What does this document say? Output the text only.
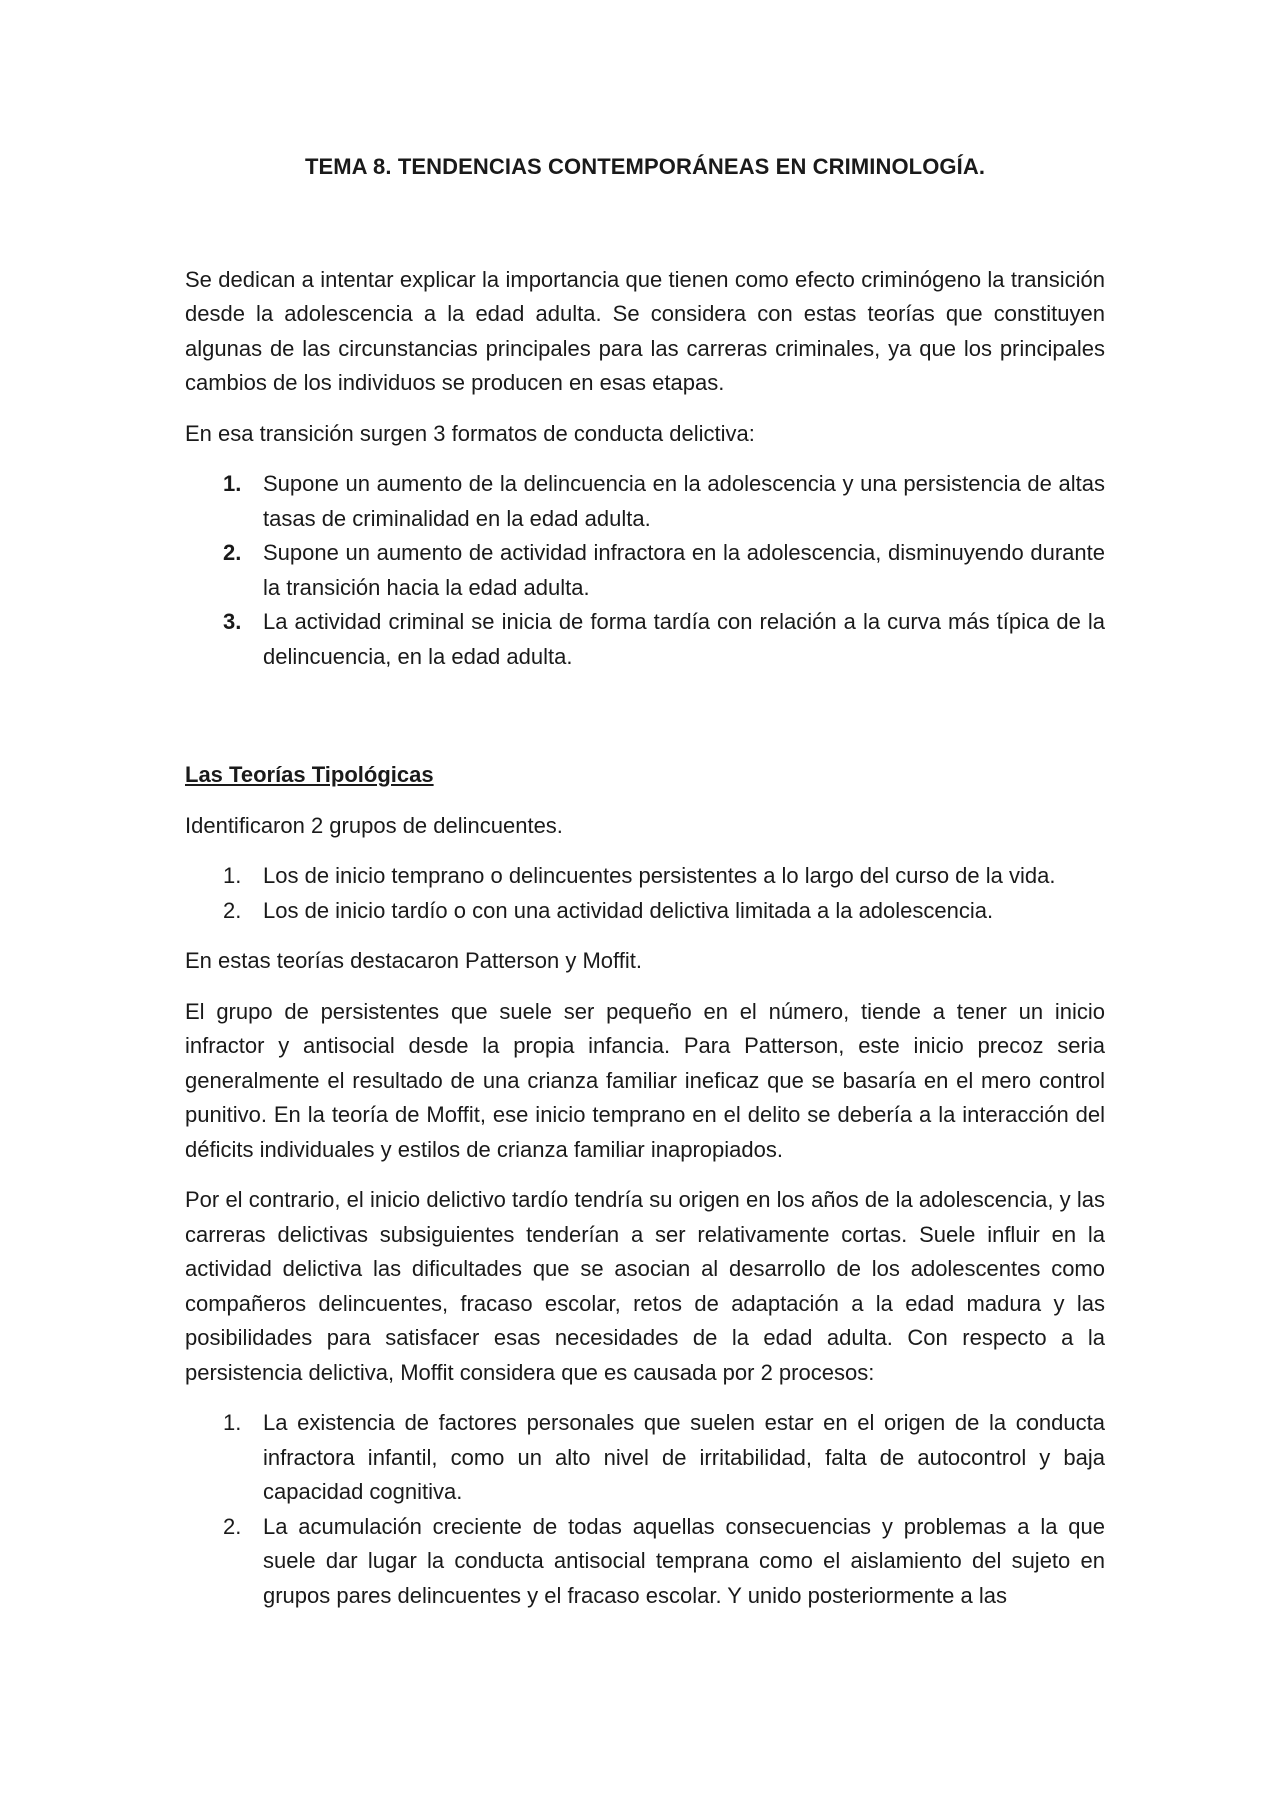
TEMA 8. TENDENCIAS CONTEMPORÁNEAS EN CRIMINOLOGÍA.

Se dedican a intentar explicar la importancia que tienen como efecto criminógeno la transición desde la adolescencia a la edad adulta. Se considera con estas teorías que constituyen algunas de las circunstancias principales para las carreras criminales, ya que los principales cambios de los individuos se producen en esas etapas.

En esa transición surgen 3 formatos de conducta delictiva:

1. Supone un aumento de la delincuencia en la adolescencia y una persistencia de altas tasas de criminalidad en la edad adulta.
2. Supone un aumento de actividad infractora en la adolescencia, disminuyendo durante la transición hacia la edad adulta.
3. La actividad criminal se inicia de forma tardía con relación a la curva más típica de la delincuencia, en la edad adulta.
Las Teorías Tipológicas

Identificaron 2 grupos de delincuentes.

1. Los de inicio temprano o delincuentes persistentes a lo largo del curso de la vida.
2. Los de inicio tardío o con una actividad delictiva limitada a la adolescencia.

En estas teorías destacaron Patterson y Moffit.

El grupo de persistentes que suele ser pequeño en el número, tiende a tener un inicio infractor y antisocial desde la propia infancia. Para Patterson, este inicio precoz seria generalmente el resultado de una crianza familiar ineficaz que se basaría en el mero control punitivo. En la teoría de Moffit, ese inicio temprano en el delito se debería a la interacción del déficits individuales y estilos de crianza familiar inapropiados.

Por el contrario, el inicio delictivo tardío tendría su origen en los años de la adolescencia, y las carreras delictivas subsiguientes tenderían a ser relativamente cortas. Suele influir en la actividad delictiva las dificultades que se asocian al desarrollo de los adolescentes como compañeros delincuentes, fracaso escolar, retos de adaptación a la edad madura y las posibilidades para satisfacer esas necesidades de la edad adulta. Con respecto a la persistencia delictiva, Moffit considera que es causada por 2 procesos:

1. La existencia de factores personales que suelen estar en el origen de la conducta infractora infantil, como un alto nivel de irritabilidad, falta de autocontrol y baja capacidad cognitiva.
2. La acumulación creciente de todas aquellas consecuencias y problemas a la que suele dar lugar la conducta antisocial temprana como el aislamiento del sujeto en grupos pares delincuentes y el fracaso escolar. Y unido posteriormente a las
